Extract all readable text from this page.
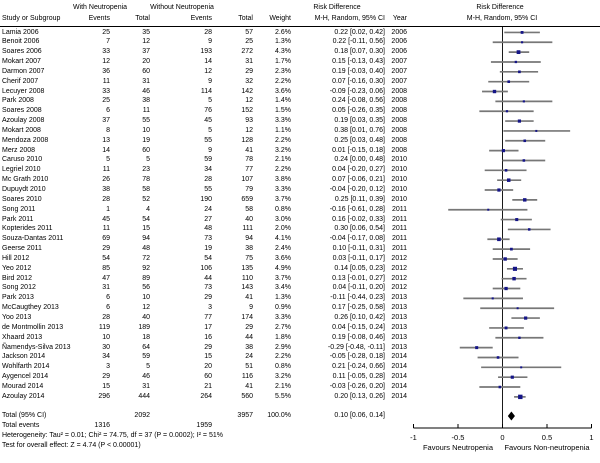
With Neutropenia	Without Neutropenia	Risk Difference	Risk Difference
Study or Subgroup	Events	Total	Events	Total	Weight	M-H, Random, 95% CI	Year	M-H, Random, 95% CI
Lamia 2006	25	35	28	57	2.6%	0.22 [0.02, 0.42] 2006
Benoit 2006	7	12	9	25	1.3%	0.22 [-0.11, 0.56] 2006
Soares 2006	33	37	193	272	4.3%	0.18 [0.07, 0.30] 2006
Mokart 2007	12	20	14	31	1.7%	0.15 [-0.13, 0.43] 2007
Darmon 2007	36	60	12	29	2.3%	0.19 [-0.03, 0.40] 2007
Cherif 2007	11	31	9	32	2.2%	0.07 [-0.16, 0.30] 2007
Lecuyer 2008	33	46	114	142	3.6%	-0.09 [-0.23, 0.06] 2008
Park 2008	25	38	5	12	1.4%	0.24 [-0.08, 0.56] 2008
Soares 2008	6	11	76	152	1.5%	0.05 [-0.26, 0.35] 2008
Azoulay 2008	37	55	45	93	3.3%	0.19 [0.03, 0.35] 2008
Mokart 2008	8	10	5	12	1.1%	0.38 [0.01, 0.76] 2008
Mendoza 2008	13	19	55	128	2.2%	0.25 [0.03, 0.48] 2008
Merz 2008	14	60	9	41	3.2%	0.01 [-0.15, 0.18] 2008
Caruso 2010	5	5	59	78	2.1%	0.24 [0.00, 0.48] 2010
Legriel 2010	11	23	34	77	2.2%	0.04 [-0.20, 0.27] 2010
Mc Grath 2010	26	78	28	107	3.8%	0.07 [-0.06, 0.21] 2010
Dupuydt 2010	38	58	55	79	3.3%	-0.04 [-0.20, 0.12] 2010
Soares 2010	28	52	190	659	3.7%	0.25 [0.11, 0.39] 2010
Song 2011	1	4	24	58	0.8%	-0.16 [-0.61, 0.28] 2011
Park 2011	45	54	27	40	3.0%	0.16 [-0.02, 0.33] 2011
Kopterides 2011	11	15	48	111	2.0%	0.30 [0.06, 0.54] 2011
Souza-Dantas 2011	69	94	73	94	4.1%	-0.04 [-0.17, 0.08] 2011
Geerse 2011	29	48	19	38	2.4%	0.10 [-0.11, 0.31] 2011
Hill 2012	54	72	54	75	3.6%	0.03 [-0.11, 0.17] 2012
Yeo 2012	85	92	106	135	4.9%	0.14 [0.05, 0.23] 2012
Bird 2012	47	89	44	110	3.7%	0.13 [-0.01, 0.27] 2012
Song 2012	31	56	73	143	3.4%	0.04 [-0.11, 0.20] 2012
Park 2013	6	10	29	41	1.3%	-0.11 [-0.44, 0.23] 2013
McCaugthey 2013	6	12	3	9	0.9%	0.17 [-0.25, 0.58] 2013
Yoo 2013	28	40	77	174	3.3%	0.26 [0.10, 0.42] 2013
de Montmollin 2013	119	189	17	29	2.7%	0.04 [-0.15, 0.24] 2013
Xhaard 2013	10	18	16	44	1.8%	0.19 [-0.08, 0.46] 2013
Ñamendys-Silva 2013	30	64	29	38	2.9%	-0.29 [-0.48, -0.11] 2013
Jackson 2014	34	59	15	24	2.2%	-0.05 [-0.28, 0.18] 2014
Wohlfarth 2014	3	5	20	51	0.8%	0.21 [-0.24, 0.66] 2014
Aygencel 2014	29	46	60	116	3.2%	0.11 [-0.05, 0.28] 2014
Mourad 2014	15	31	21	41	2.1%	-0.03 [-0.26, 0.20] 2014
Azoulay 2014	296	444	264	560	5.5%	0.20 [0.13, 0.26] 2014
Total (95% CI)	2092	3957	100.0%	0.10 [0.06, 0.14]
Total events	1316	1959
Heterogeneity: Tau² = 0.01; Chi² = 74.75, df = 37 (P = 0.0002); I² = 51%
Test for overall effect: Z = 4.74 (P < 0.00001)
-1	-0.5	0	0.5	1
Favours Neutropenia Favours Non-neutropenia
